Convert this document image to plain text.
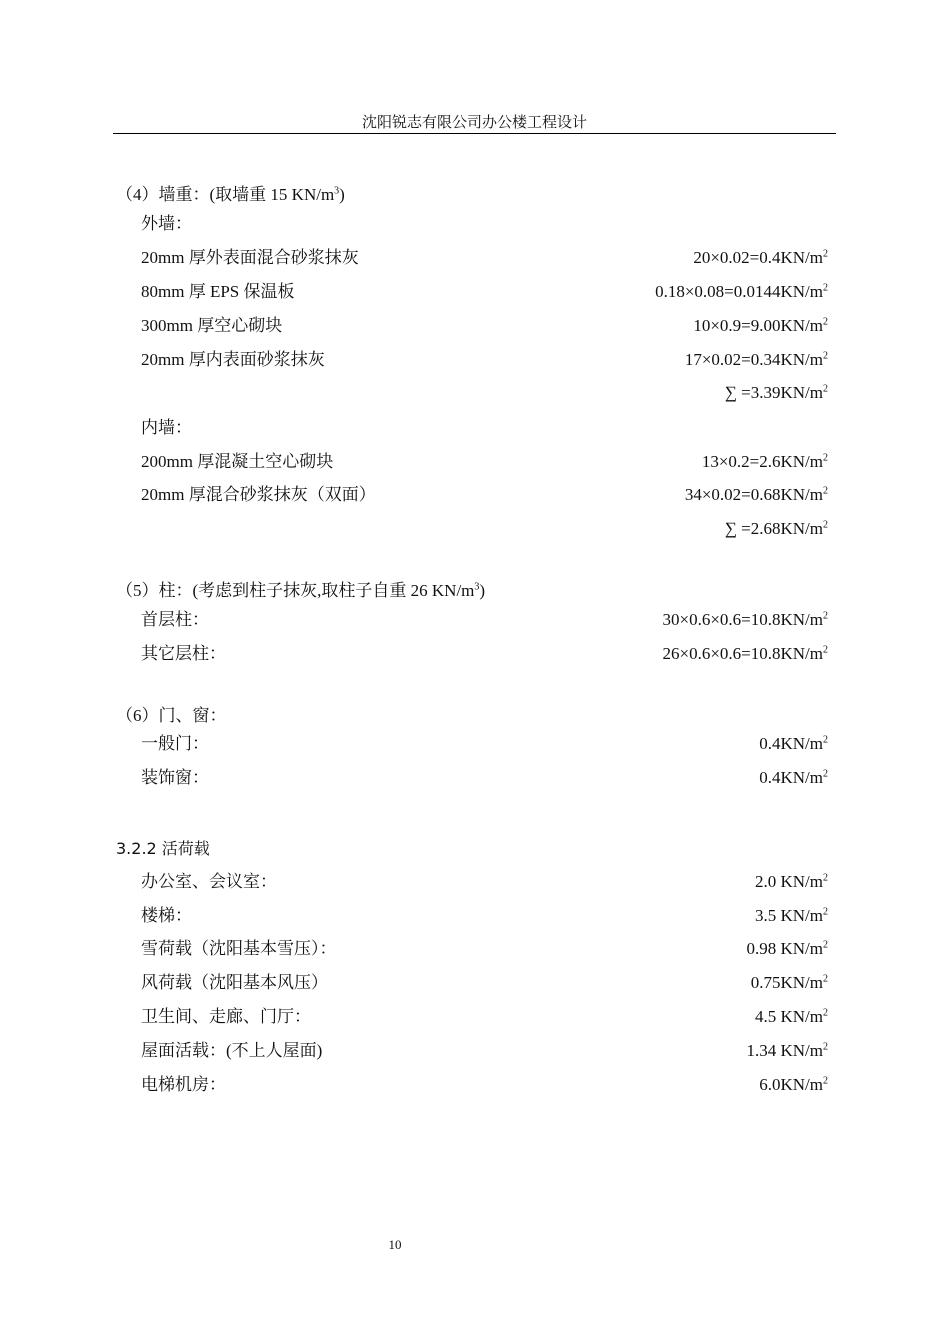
沈阳锐志有限公司办公楼工程设计
（4）墙重：(取墙重 15 $KN/m^3$)
外墙：
20mm 厚外表面混合砂浆抹灰	$20\times 0.02=0.4KN/m^2$
80mm 厚 EPS 保温板	$0.18\times 0.08=0.0144KN/m^2$
300mm 厚空心砌块	$10\times 0.9=9.00KN/m^2$
20mm 厚内表面砂浆抹灰	$17\times 0.02=0.34KN/m^2$
∑ $=3.39KN/m^2$
内墙：
200mm 厚混凝土空心砌块	$13\times 0.2=2.6KN/m^2$
20mm 厚混合砂浆抹灰（双面）	$34\times 0.02=0.68KN/m^2$
∑ $=2.68KN/m^2$
（5）柱：(考虑到柱子抹灰,取柱子自重 26 $KN/m^3$)
首层柱：	$30\times 0.6\times 0.6=10.8KN/m^2$
其它层柱：	$26\times 0.6\times 0.6=10.8KN/m^2$
（6）门、窗：
一般门：	$0.4KN/m^2$
装饰窗：	$0.4KN/m^2$
3.2.2 活荷载
办公室、会议室：	2.0 $KN/m^2$
楼梯：	3.5 $KN/m^2$
雪荷载（沈阳基本雪压）：	0.98 $KN/m^2$
风荷载（沈阳基本风压）	$0.75KN/m^2$
卫生间、走廊、门厅：	4.5 $KN/m^2$
屋面活载：(不上人屋面)	1.34 $KN/m^2$
电梯机房：	$6.0KN/m^2$
10
